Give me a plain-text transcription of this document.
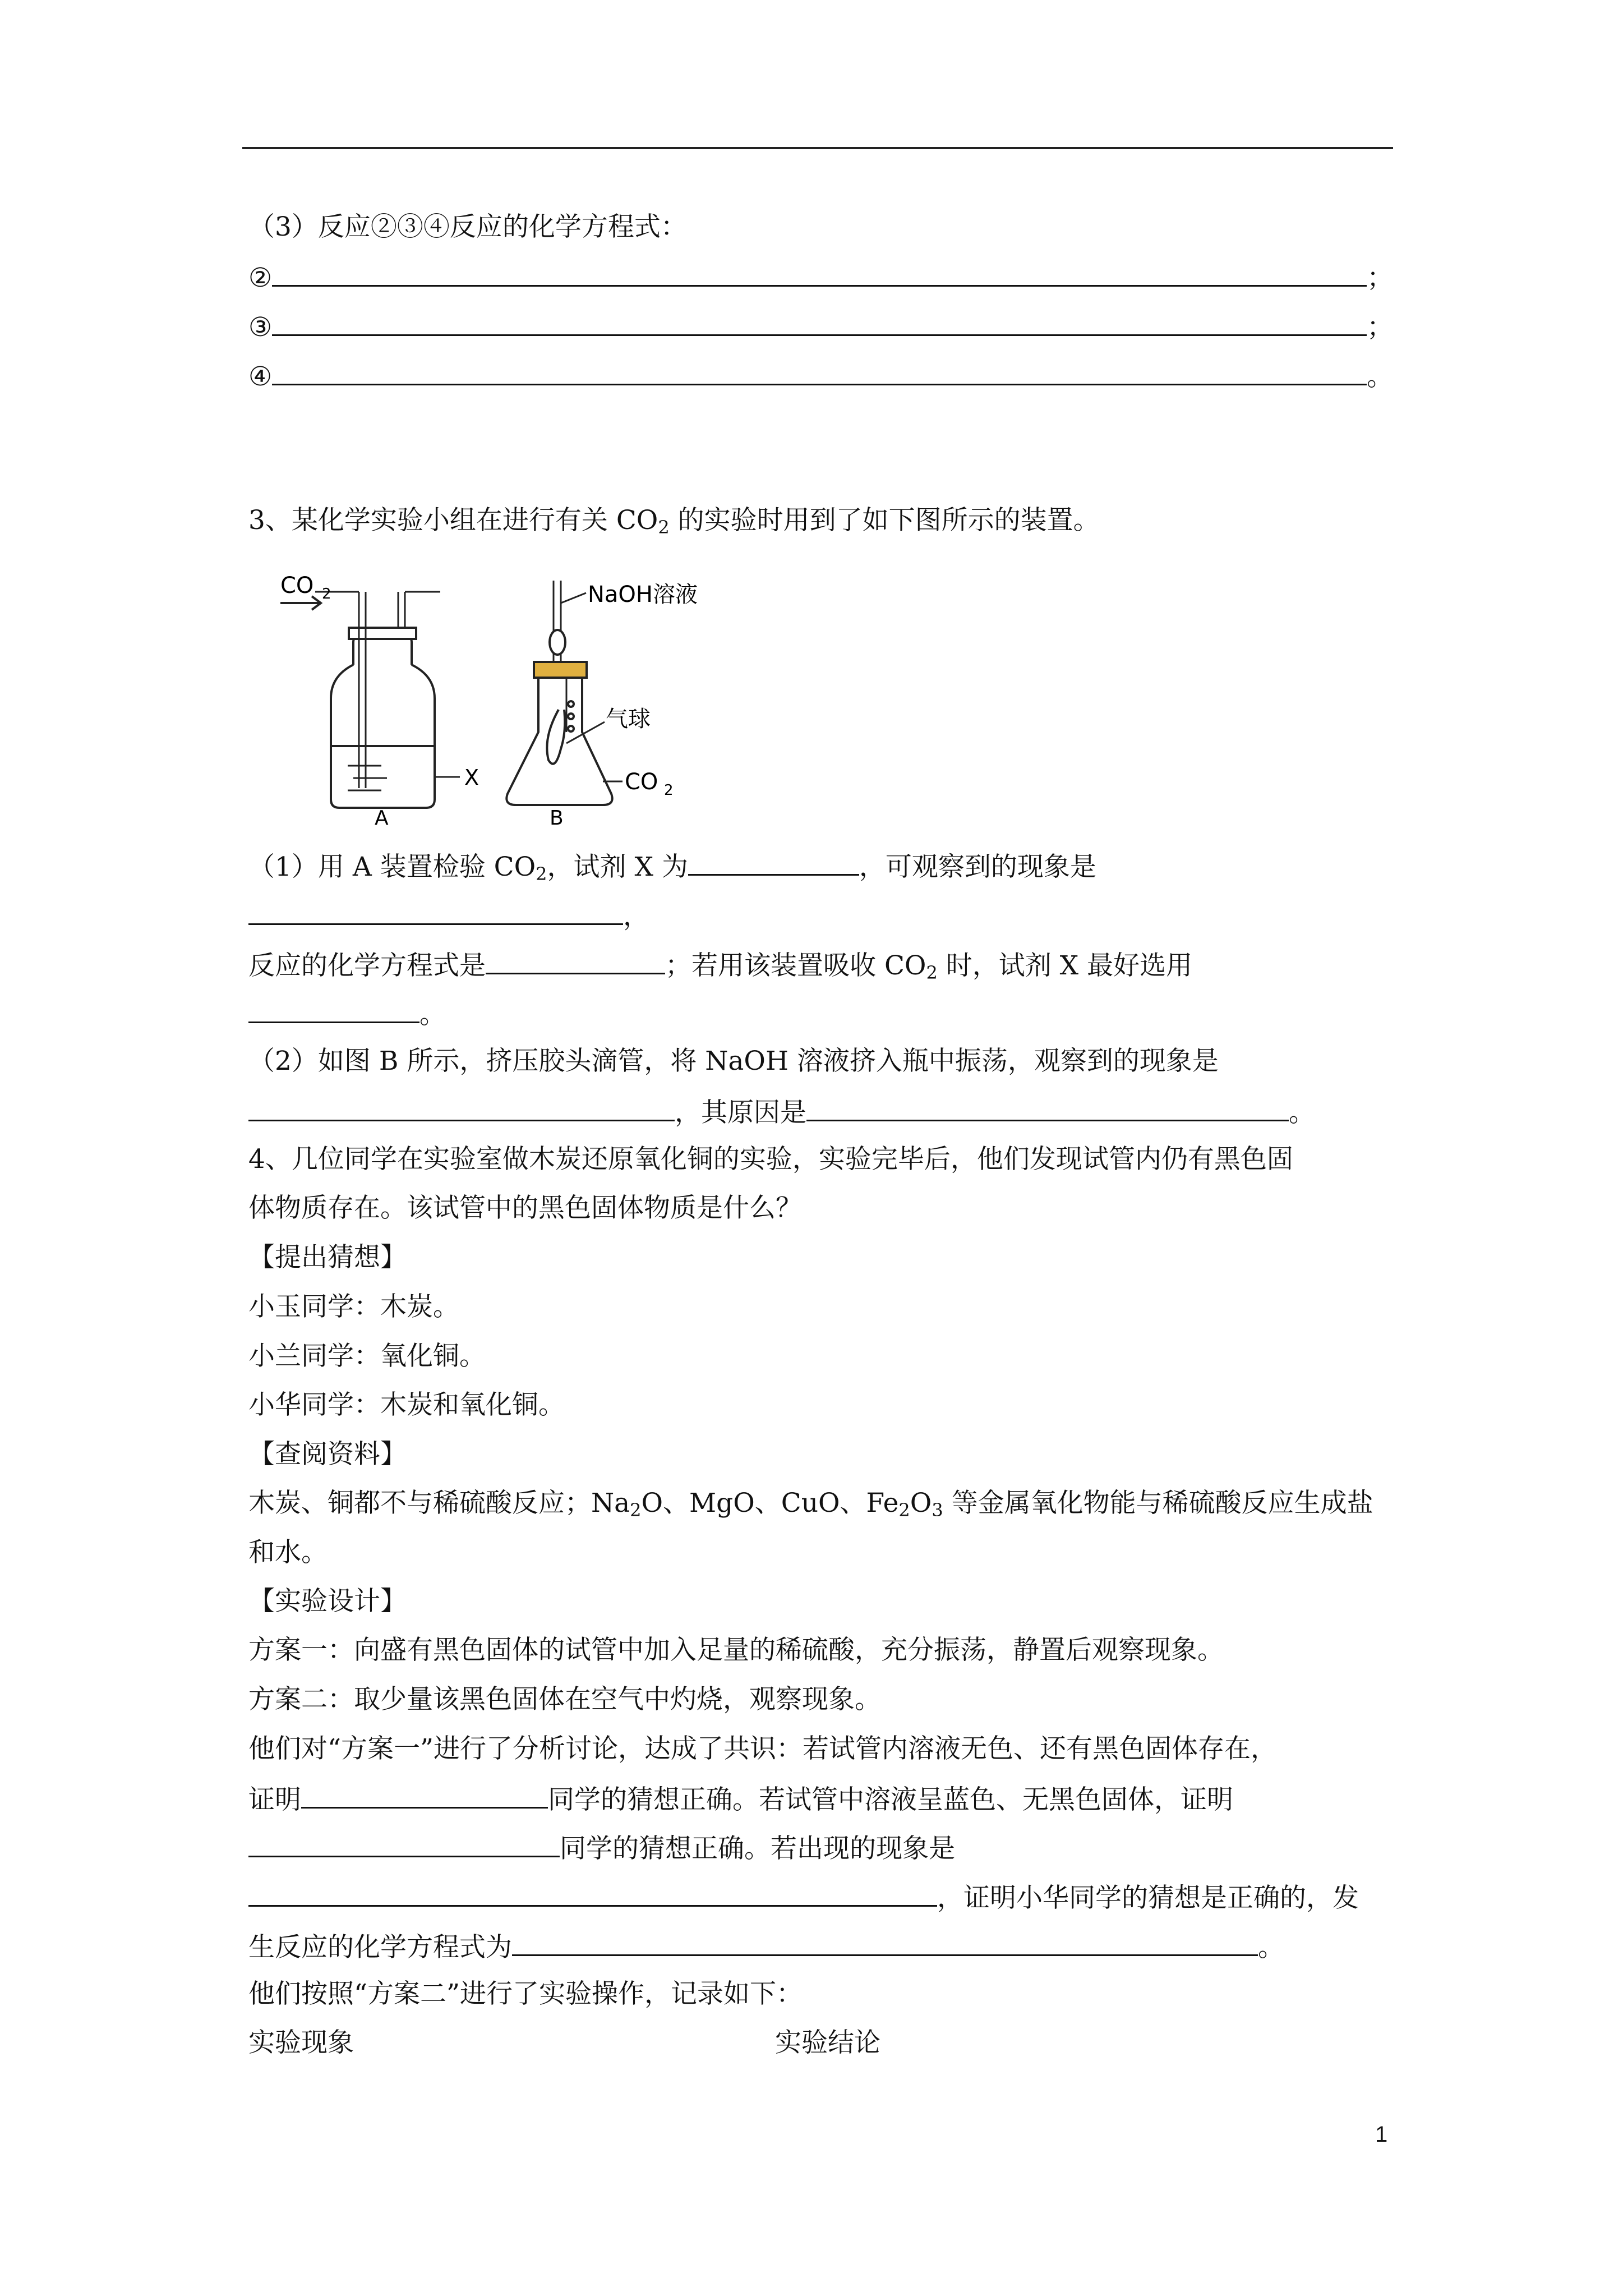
（3）反应②③④反应的化学方程式：
②	；
③	；
④	。
3、某化学实验小组在进行有关 $CO_2$ 的实验时用到了如下图所示的装置。
CO 2
X
A
NaOH溶液
气球
CO 2
B
（1）用 A 装置检验 $CO_2$，试剂 X 为	，可观察到的现象是
，
反应的化学方程式是	；若用该装置吸收 $CO_2$ 时，试剂 X 最好选用
。
（2）如图 B 所示，挤压胶头滴管，将 NaOH 溶液挤入瓶中振荡，观察到的现象是
，其原因是	。
4、几位同学在实验室做木炭还原氧化铜的实验，实验完毕后，他们发现试管内仍有黑色固
体物质存在。该试管中的黑色固体物质是什么？
【提出猜想】
小玉同学：木炭。
小兰同学：氧化铜。
小华同学：木炭和氧化铜。
【查阅资料】
木炭、铜都不与稀硫酸反应；$Na_2O$、MgO、CuO、$Fe_2O_3$ 等金属氧化物能与稀硫酸反应生成盐
和水。
【实验设计】
方案一：向盛有黑色固体的试管中加入足量的稀硫酸，充分振荡，静置后观察现象。
方案二：取少量该黑色固体在空气中灼烧，观察现象。
他们对“方案一”进行了分析讨论，达成了共识：若试管内溶液无色、还有黑色固体存在，
证明	同学的猜想正确。若试管中溶液呈蓝色、无黑色固体，证明
同学的猜想正确。若出现的现象是
，证明小华同学的猜想是正确的，发
生反应的化学方程式为	。
他们按照“方案二”进行了实验操作，记录如下：
实验现象	实验结论
1
